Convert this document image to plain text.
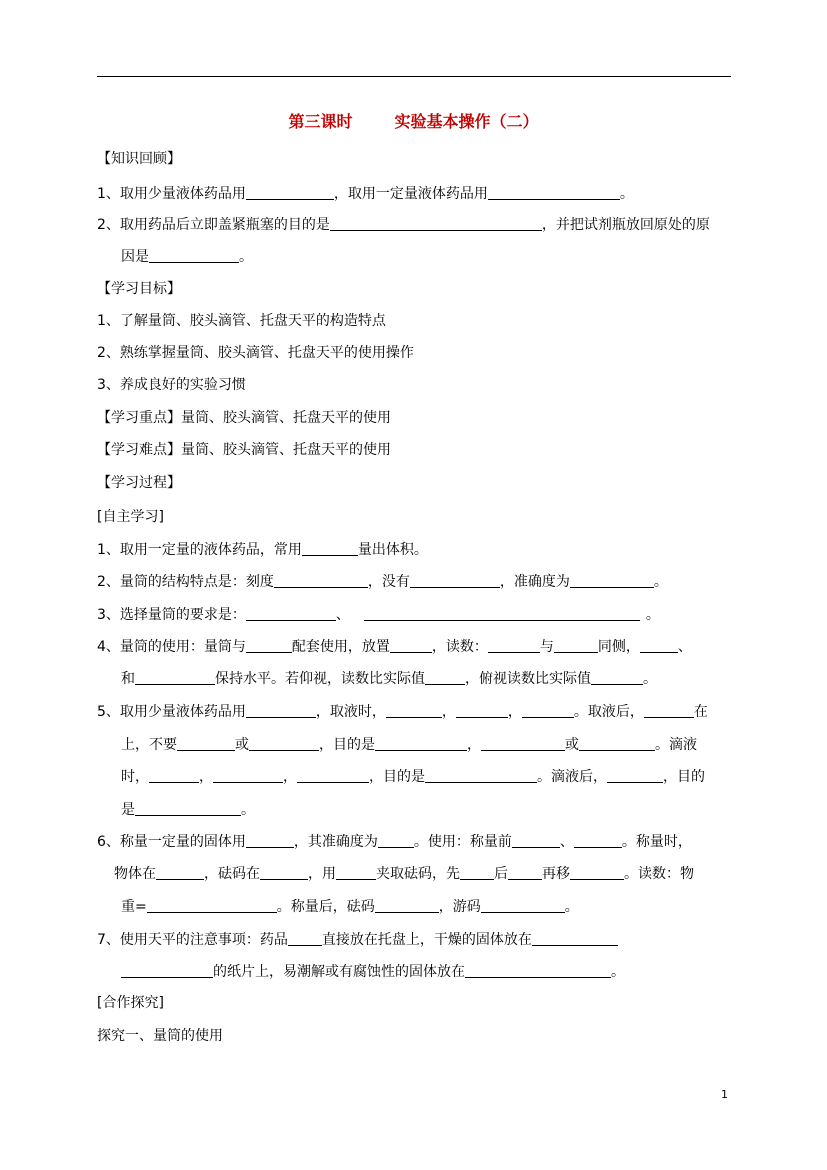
第三课时	实验基本操作（二）
【知识回顾】
1、取用少量液体药品用	，取用一定量液体药品用	。
2、取用药品后立即盖紧瓶塞的目的是	，并把试剂瓶放回原处的原
因是	。
【学习目标】
1、了解量筒、胶头滴管、托盘天平的构造特点
2、熟练掌握量筒、胶头滴管、托盘天平的使用操作
3、养成良好的实验习惯
【学习重点】量筒、胶头滴管、托盘天平的使用
【学习难点】量筒、胶头滴管、托盘天平的使用
【学习过程】
[自主学习]
1、取用一定量的液体药品，常用	量出体积。
2、量筒的结构特点是：刻度	，没有	，准确度为	。
3、选择量筒的要求是：	、	。
4、量筒的使用：量筒与	配套使用，放置	，读数：	与	同侧，	、
和	保持水平。若仰视，读数比实际值	，俯视读数比实际值	。
5、取用少量液体药品用	，取液时，	，	，	。取液后，	在
上，不要	或	，目的是	，	或	。滴液
时，	，	，	，目的是	。滴液后，	，目的
是	。
6、称量一定量的固体用	，其准确度为	。使用：称量前	、	。称量时，
物体在	，砝码在	，用	夹取砝码，先 后 再移	。读数：物
重=	。称量后，砝码	，游码	。
7、使用天平的注意事项：药品 直接放在托盘上，干燥的固体放在
的纸片上，易潮解或有腐蚀性的固体放在	。
[合作探究]
探究一、量筒的使用
1
